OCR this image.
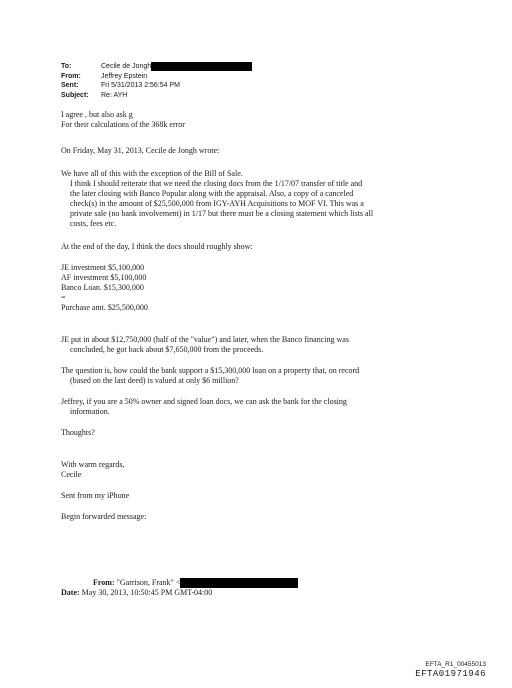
To:	Cecile de Jongh
From:	Jeffrey Epstein
Sent:	Fri 5/31/2013 2:56:54 PM
Subject:	Re: AYH

I agree , but also ask g

For their calculations of the 368k error

On Friday, May 31, 2013, Cecile de Jongh wrote:

We have all of this with the exception of the Bill of Sale.
I think I should reiterate that we need the closing docs from the 1/17/07 transfer of title and
the later closing with Banco Popular along with the appraisal. Also, a copy of a canceled
check(s) in the amount of $25,500,000 from IGY-AYH Acquisitions to MOF VI. This was a
private sale (no bank involvement) in 1/17 but there must be a closing statement which lists all
costs, fees etc.

At the end of the day, I think the docs should roughly show:

JE investment $5,100,000
AF investment $5,100,000
Banco Loan. $15,300,000
=
Purchase amt. $25,500,000

JE put in about $12,750,000 (half of the "value") and later, when the Banco financing was
concluded, he got back about $7,650,000 from the proceeds.

The question is, how could the bank support a $15,300,000 loan on a property that, on record
(based on the last deed) is valued at only $6 million?

Jeffrey, if you are a 50% owner and signed loan docs, we can ask the bank for the closing
information.

Thoughts?

With warm regards,

Cecile

Sent from my iPhone

Begin forwarded message:

From: "Garrison, Frank" <
Date: May 30, 2013, 10:50:45 PM GMT-04:00
EFTA_R1_00455013
EFTA01971946
